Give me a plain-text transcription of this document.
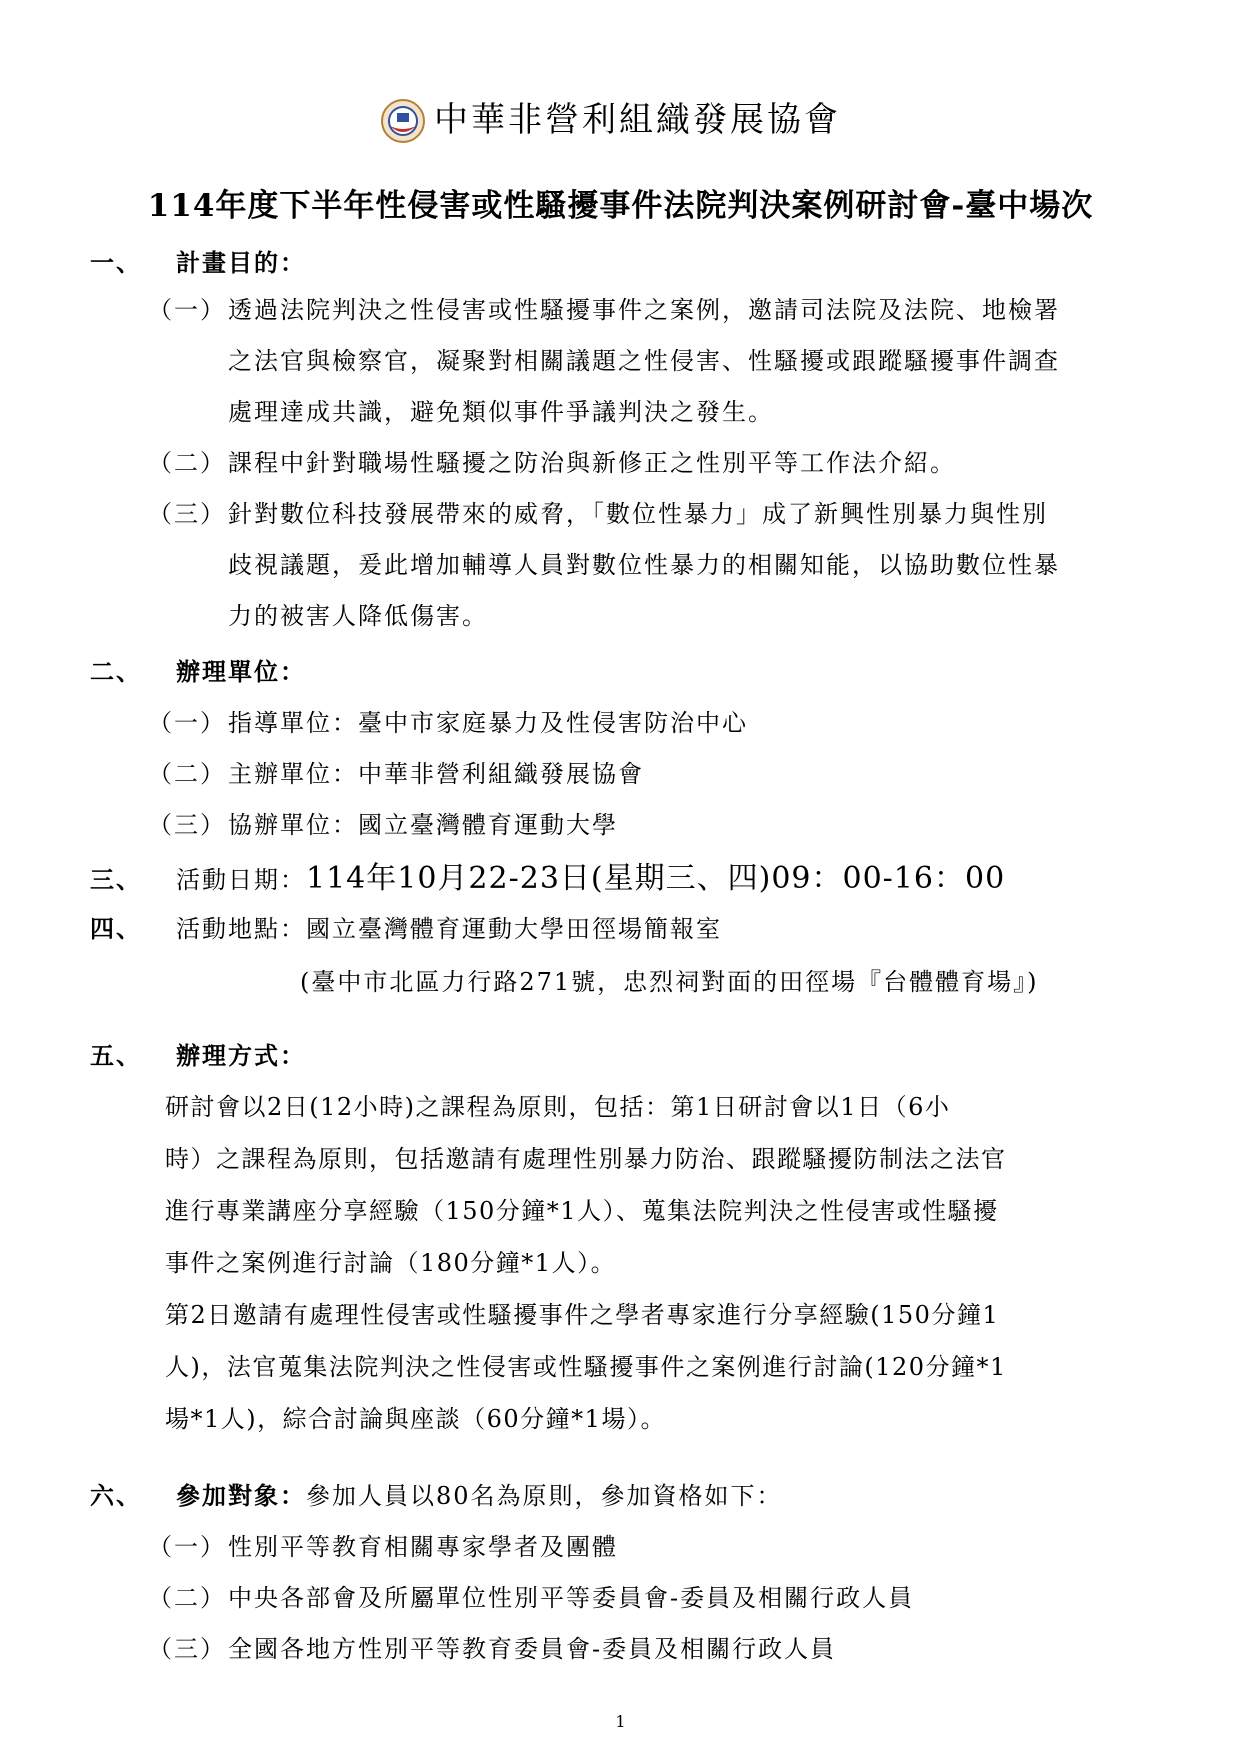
中華非營利組織發展協會
114年度下半年性侵害或性騷擾事件法院判決案例研討會-臺中場次
一、 計畫目的：
（一） 透過法院判決之性侵害或性騷擾事件之案例，邀請司法院及法院、地檢署
之法官與檢察官，凝聚對相關議題之性侵害、性騷擾或跟蹤騷擾事件調查
處理達成共識，避免類似事件爭議判決之發生。
（二） 課程中針對職場性騷擾之防治與新修正之性別平等工作法介紹。
（三） 針對數位科技發展帶來的威脅，「數位性暴力」成了新興性別暴力與性別
歧視議題，爰此增加輔導人員對數位性暴力的相關知能，以協助數位性暴
力的被害人降低傷害。
二、 辦理單位：
（一） 指導單位：臺中市家庭暴力及性侵害防治中心
（二） 主辦單位：中華非營利組織發展協會
（三） 協辦單位：國立臺灣體育運動大學
三、 活動日期：114年10月22-23日(星期三、四)09：00-16：00
四、 活動地點：國立臺灣體育運動大學田徑場簡報室
(臺中市北區力行路271號，忠烈祠對面的田徑場『台體體育場』)
五、 辦理方式：
研討會以2日(12小時)之課程為原則，包括：第1日研討會以1日（6小
時）之課程為原則，包括邀請有處理性別暴力防治、跟蹤騷擾防制法之法官
進行專業講座分享經驗（150分鐘*1人）、蒐集法院判決之性侵害或性騷擾
事件之案例進行討論（180分鐘*1人）。
第2日邀請有處理性侵害或性騷擾事件之學者專家進行分享經驗(150分鐘1
人)，法官蒐集法院判決之性侵害或性騷擾事件之案例進行討論(120分鐘*1
場*1人)，綜合討論與座談（60分鐘*1場）。
六、 參加對象：參加人員以80名為原則，參加資格如下：
（一） 性別平等教育相關專家學者及團體
（二） 中央各部會及所屬單位性別平等委員會-委員及相關行政人員
（三） 全國各地方性別平等教育委員會-委員及相關行政人員
1
